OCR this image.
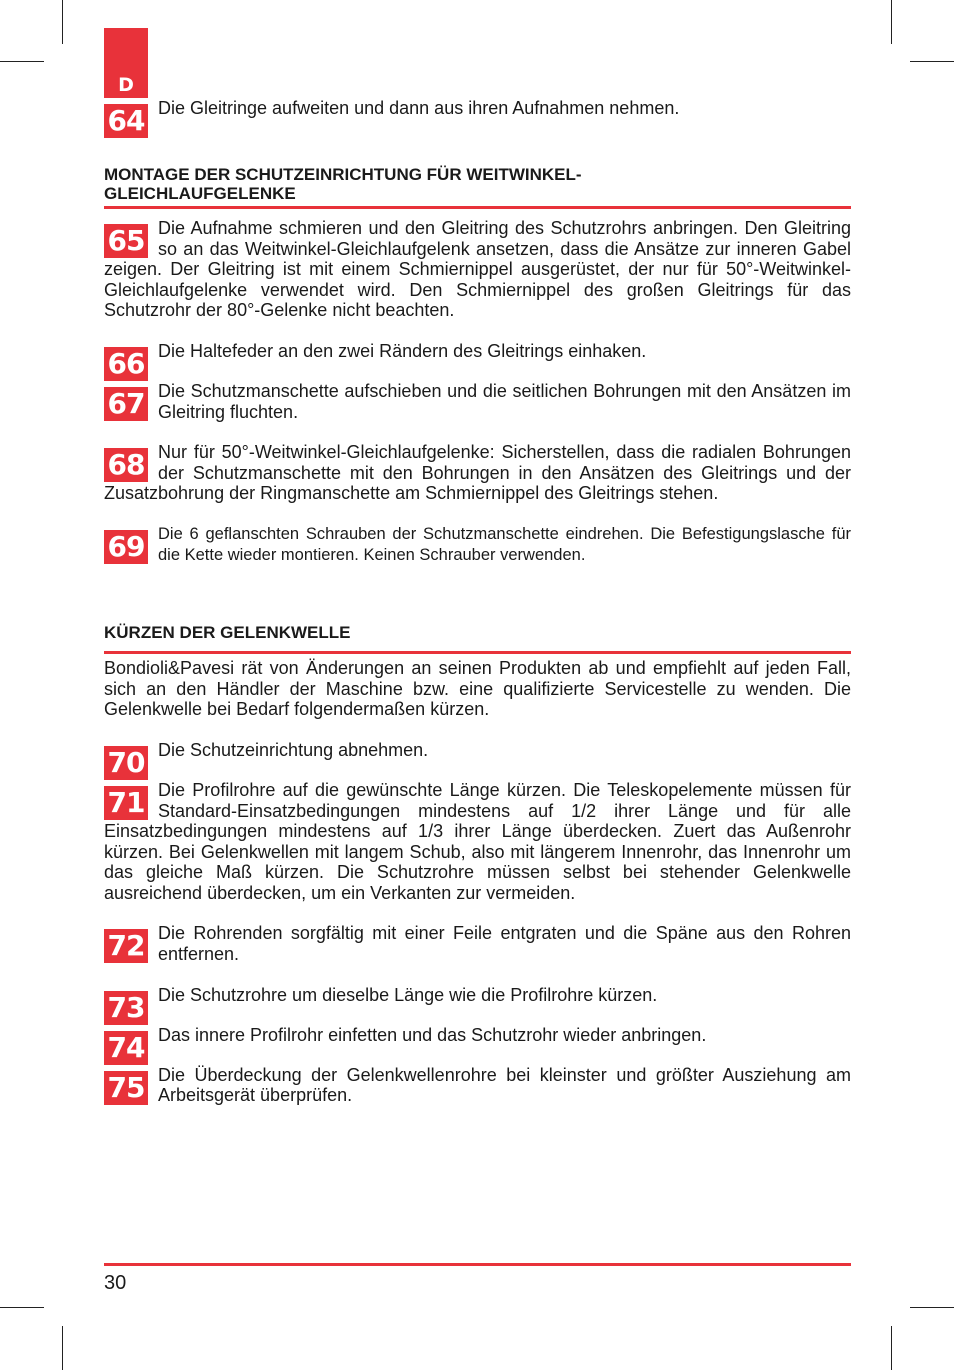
D
64 Die Gleitringe aufweiten und dann aus ihren Aufnahmen nehmen.

MONTAGE DER SCHUTZEINRICHTUNG FÜR WEITWINKEL-GLEICHLAUFGELENKE

65 Die Aufnahme schmieren und den Gleitring des Schutzrohrs anbringen. Den Gleitring so an das Weitwinkel-Gleichlaufgelenk ansetzen, dass die Ansätze zur inneren Gabel zeigen. Der Gleitring ist mit einem Schmiernippel ausgerüstet, der nur für 50°-Weitwinkel-Gleichlaufgelenke verwendet wird. Den Schmiernippel des großen Gleitrings für das Schutzrohr der 80°-Gelenke nicht beachten.

66 Die Haltefeder an den zwei Rändern des Gleitrings einhaken.

67 Die Schutzmanschette aufschieben und die seitlichen Bohrungen mit den Ansätzen im Gleitring fluchten.

68 Nur für 50°-Weitwinkel-Gleichlaufgelenke: Sicherstellen, dass die radialen Bohrungen der Schutzmanschette mit den Bohrungen in den Ansätzen des Gleitrings und der Zusatzbohrung der Ringmanschette am Schmiernippel des Gleitrings stehen.

69 Die 6 geflanschten Schrauben der Schutzmanschette eindrehen. Die Befestigungslasche für die Kette wieder montieren. Keinen Schrauber verwenden.

KÜRZEN DER GELENKWELLE

Bondioli&Pavesi rät von Änderungen an seinen Produkten ab und empfiehlt auf jeden Fall, sich an den Händler der Maschine bzw. eine qualifizierte Servicestelle zu wenden. Die Gelenkwelle bei Bedarf folgendermaßen kürzen.

70 Die Schutzeinrichtung abnehmen.

71 Die Profilrohre auf die gewünschte Länge kürzen. Die Teleskopelemente müssen für Standard-Einsatzbedingungen mindestens auf 1/2 ihrer Länge und für alle Einsatzbedingungen mindestens auf 1/3 ihrer Länge überdecken. Zuert das Außenrohr kürzen. Bei Gelenkwellen mit langem Schub, also mit längerem Innenrohr, das Innenrohr um das gleiche Maß kürzen. Die Schutzrohre müssen selbst bei stehender Gelenkwelle ausreichend überdecken, um ein Verkanten zur vermeiden.

72 Die Rohrenden sorgfältig mit einer Feile entgraten und die Späne aus den Rohren entfernen.

73 Die Schutzrohre um dieselbe Länge wie die Profilrohre kürzen.

74 Das innere Profilrohr einfetten und das Schutzrohr wieder anbringen.

75 Die Überdeckung der Gelenkwellenrohre bei kleinster und größter Ausziehung am Arbeitsgerät überprüfen.

30
